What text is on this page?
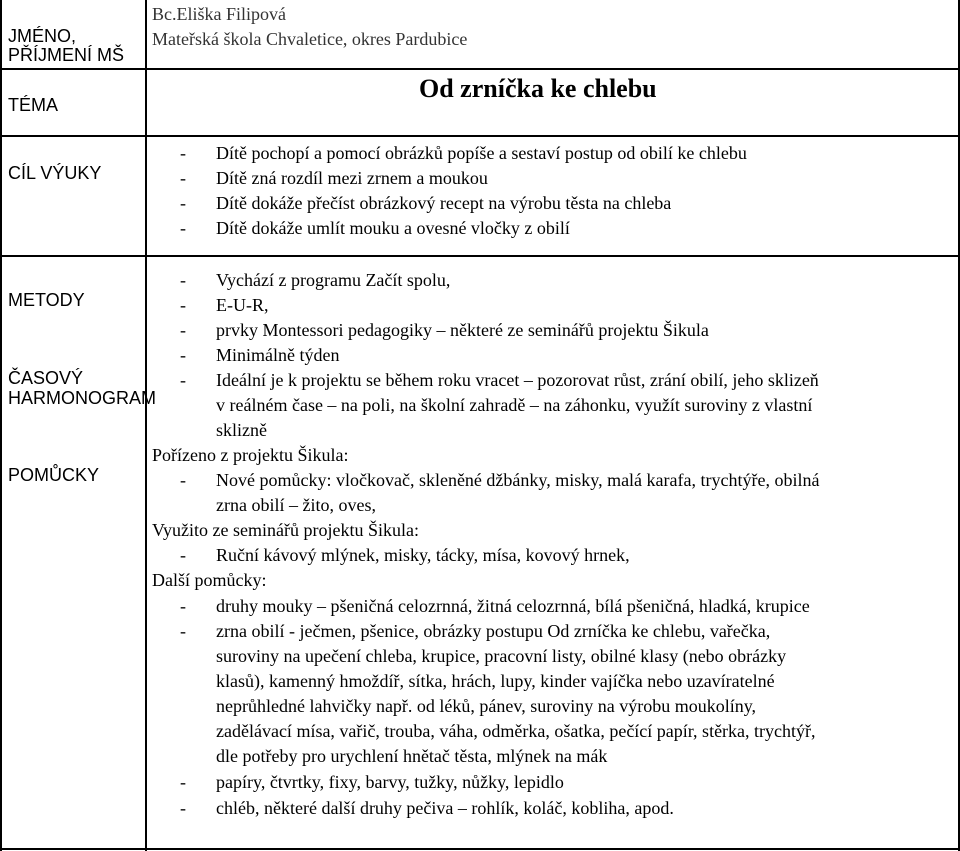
JMÉNO,
PŘÍJMENÍ MŠ
TÉMA
CÍL VÝUKY
METODY
ČASOVÝ
HARMONOGRAM
POMŮCKY
Bc.Eliška Filipová
Mateřská škola Chvaletice, okres Pardubice
Od zrníčka ke chlebu
- Dítě pochopí a pomocí obrázků popíše a sestaví postup od obilí ke chlebu
- Dítě zná rozdíl mezi zrnem a moukou
- Dítě dokáže přečíst obrázkový recept na výrobu těsta na chleba
- Dítě dokáže umlít mouku a ovesné vločky z obilí
- Vychází z programu Začít spolu,
- E-U-R,
- prvky Montessori pedagogiky – některé ze seminářů projektu Šikula
- Minimálně týden
- Ideální je k projektu se během roku vracet – pozorovat růst, zrání obilí, jeho sklizeň
v reálném čase – na poli, na školní zahradě – na záhonku, využít suroviny z vlastní
sklizně
Pořízeno z projektu Šikula:
- Nové pomůcky: vločkovač, skleněné džbánky, misky, malá karafa, trychtýře, obilná
zrna obilí – žito, oves,
Využito ze seminářů projektu Šikula:
- Ruční kávový mlýnek, misky, tácky, mísa, kovový hrnek,
Další pomůcky:
- druhy mouky – pšeničná celozrnná, žitná celozrnná, bílá pšeničná, hladká, krupice
- zrna obilí - ječmen, pšenice, obrázky postupu Od zrníčka ke chlebu, vařečka,
suroviny na upečení chleba, krupice, pracovní listy, obilné klasy (nebo obrázky
klasů), kamenný hmoždíř, sítka, hrách, lupy, kinder vajíčka nebo uzavíratelné
neprůhledné lahvičky např. od léků, pánev, suroviny na výrobu moukolíny,
zadělávací mísa, vařič, trouba, váha, odměrka, ošatka, pečící papír, stěrka, trychtýř,
dle potřeby pro urychlení hnětač těsta, mlýnek na mák
- papíry, čtvrtky, fixy, barvy, tužky, nůžky, lepidlo
- chléb, některé další druhy pečiva – rohlík, koláč, kobliha, apod.
